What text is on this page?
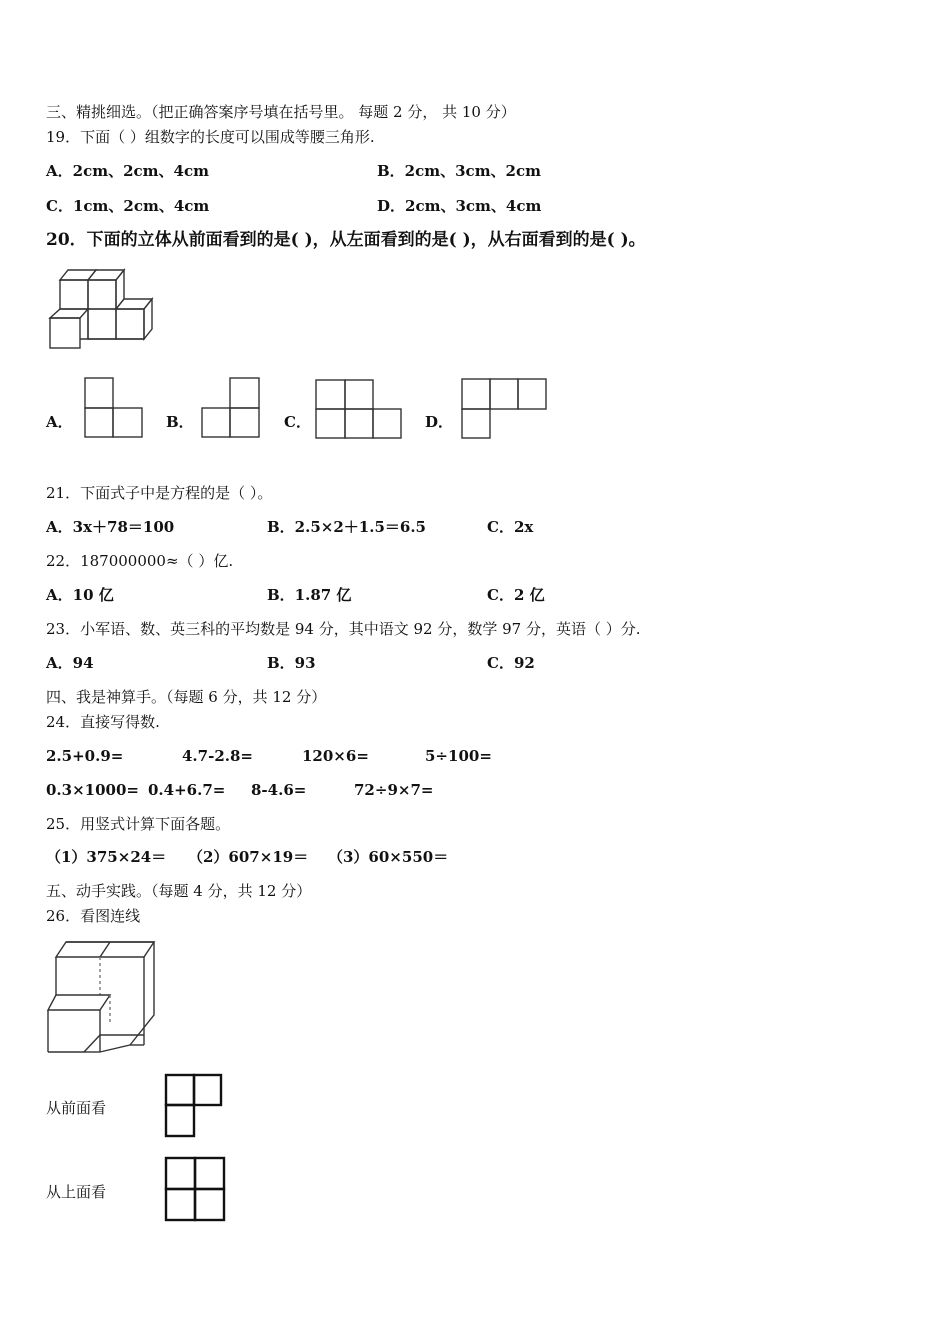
三、精挑细选。（把正确答案序号填在括号里。 每题 2 分， 共 10 分）
19．下面（ ）组数字的长度可以围成等腰三角形.
A．2cm、2cm、4cm	B．2cm、3cm、2cm
C．1cm、2cm、4cm	D．2cm、3cm、4cm
20．下面的立体从前面看到的是( )，从左面看到的是( )，从右面看到的是( )。
A．	B．	C．	D．
21．下面式子中是方程的是（ ）。
A．3x＋78＝100	B．2.5×2＋1.5＝6.5	C．2x
22．187000000≈（ ）亿.
A．10 亿	B．1.87 亿	C．2 亿
23．小军语、数、英三科的平均数是 94 分，其中语文 92 分，数学 97 分，英语（ ）分.
A．94	B．93	C．92
四、我是神算手。（每题 6 分，共 12 分）
24．直接写得数.
2.5+0.9=	4.7-2.8=	120×6=	5÷100=
0.3×1000= 0.4+6.7= 8-4.6=	72÷9×7=
25．用竖式计算下面各题。
（1）375×24＝ （2）607×19＝ （3）60×550＝
五、动手实践。（每题 4 分，共 12 分）
26．看图连线
从前面看
从上面看
